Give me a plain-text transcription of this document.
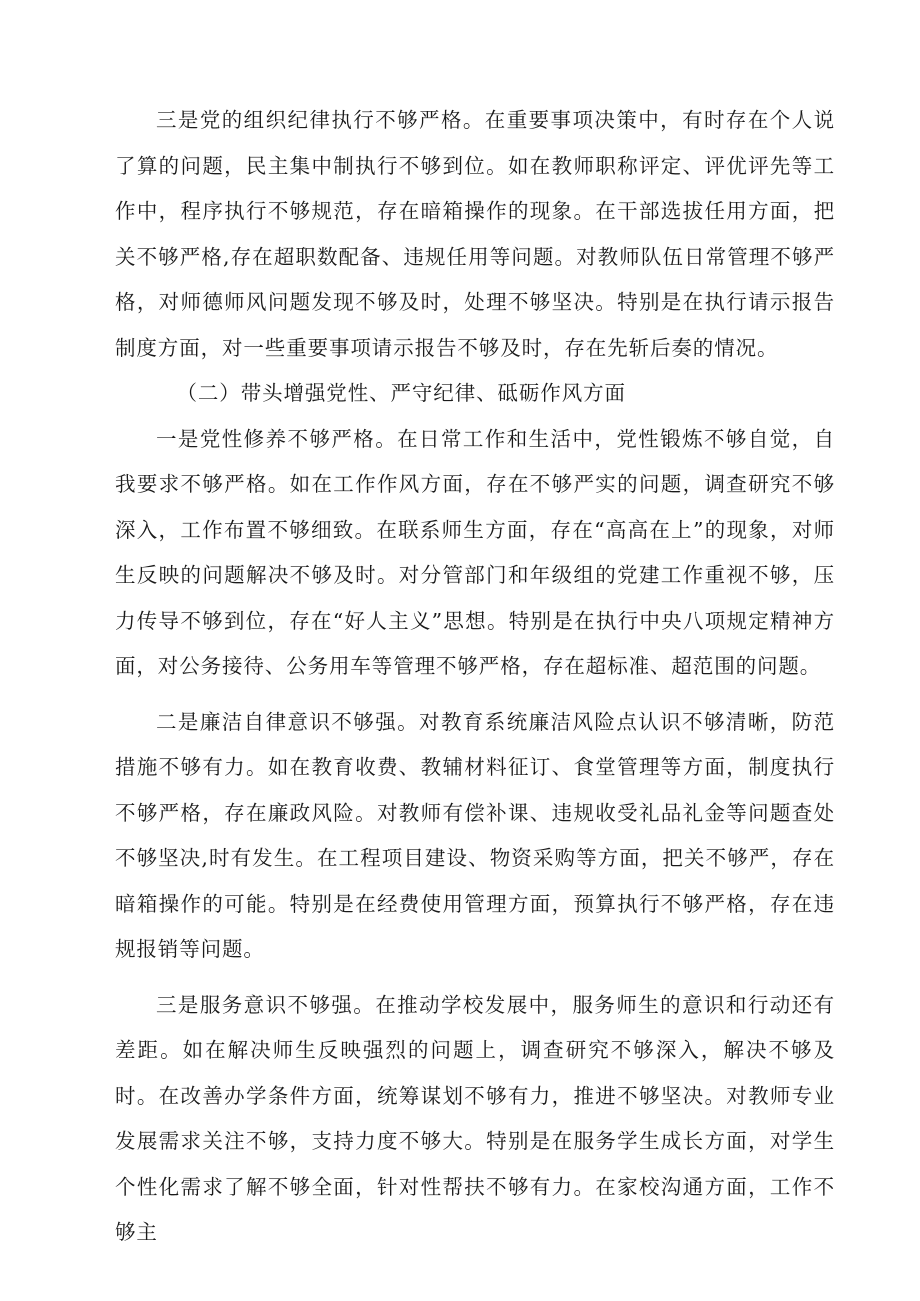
三是党的组织纪律执行不够严格。在重要事项决策中，有时存在个人说了算的问题，民主集中制执行不够到位。如在教师职称评定、评优评先等工作中，程序执行不够规范，存在暗箱操作的现象。在干部选拔任用方面，把关不够严格,存在超职数配备、违规任用等问题。对教师队伍日常管理不够严格，对师德师风问题发现不够及时，处理不够坚决。特别是在执行请示报告制度方面，对一些重要事项请示报告不够及时，存在先斩后奏的情况。

（二）带头增强党性、严守纪律、砥砺作风方面

一是党性修养不够严格。在日常工作和生活中，党性锻炼不够自觉，自我要求不够严格。如在工作作风方面，存在不够严实的问题，调查研究不够深入，工作布置不够细致。在联系师生方面，存在“高高在上”的现象，对师生反映的问题解决不够及时。对分管部门和年级组的党建工作重视不够，压力传导不够到位，存在“好人主义”思想。特别是在执行中央八项规定精神方面，对公务接待、公务用车等管理不够严格，存在超标准、超范围的问题。

二是廉洁自律意识不够强。对教育系统廉洁风险点认识不够清晰，防范措施不够有力。如在教育收费、教辅材料征订、食堂管理等方面，制度执行不够严格，存在廉政风险。对教师有偿补课、违规收受礼品礼金等问题查处不够坚决,时有发生。在工程项目建设、物资采购等方面，把关不够严，存在暗箱操作的可能。特别是在经费使用管理方面，预算执行不够严格，存在违规报销等问题。

三是服务意识不够强。在推动学校发展中，服务师生的意识和行动还有差距。如在解决师生反映强烈的问题上，调查研究不够深入，解决不够及时。在改善办学条件方面，统筹谋划不够有力，推进不够坚决。对教师专业发展需求关注不够，支持力度不够大。特别是在服务学生成长方面，对学生个性化需求了解不够全面，针对性帮扶不够有力。在家校沟通方面，工作不够主
